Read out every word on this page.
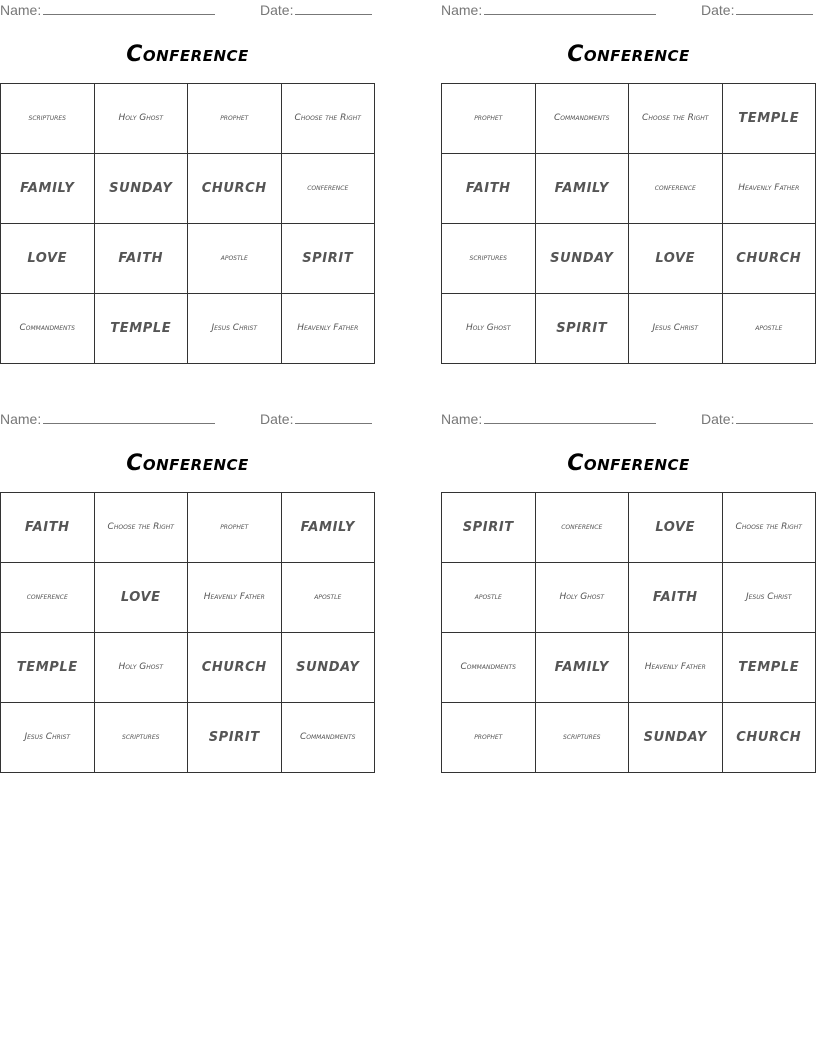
Name:	Date:
Conference
scriptures	Holy Ghost	prophet	Choose the Right
FAMILY	SUNDAY	CHURCH	conference
LOVE	FAITH	apostle	SPIRIT
Commandments	TEMPLE	Jesus Christ	Heavenly Father
Name:	Date:
Conference
prophet	Commandments	Choose the Right	TEMPLE
FAITH	FAMILY	conference	Heavenly Father
scriptures	SUNDAY	LOVE	CHURCH
Holy Ghost	SPIRIT	Jesus Christ	apostle
Name:	Date:
Conference
FAITH	Choose the Right	prophet	FAMILY
conference	LOVE	Heavenly Father	apostle
TEMPLE	Holy Ghost	CHURCH	SUNDAY
Jesus Christ	scriptures	SPIRIT	Commandments
Name:	Date:
Conference
SPIRIT	conference	LOVE	Choose the Right
apostle	Holy Ghost	FAITH	Jesus Christ
Commandments	FAMILY	Heavenly Father	TEMPLE
prophet	scriptures	SUNDAY	CHURCH
